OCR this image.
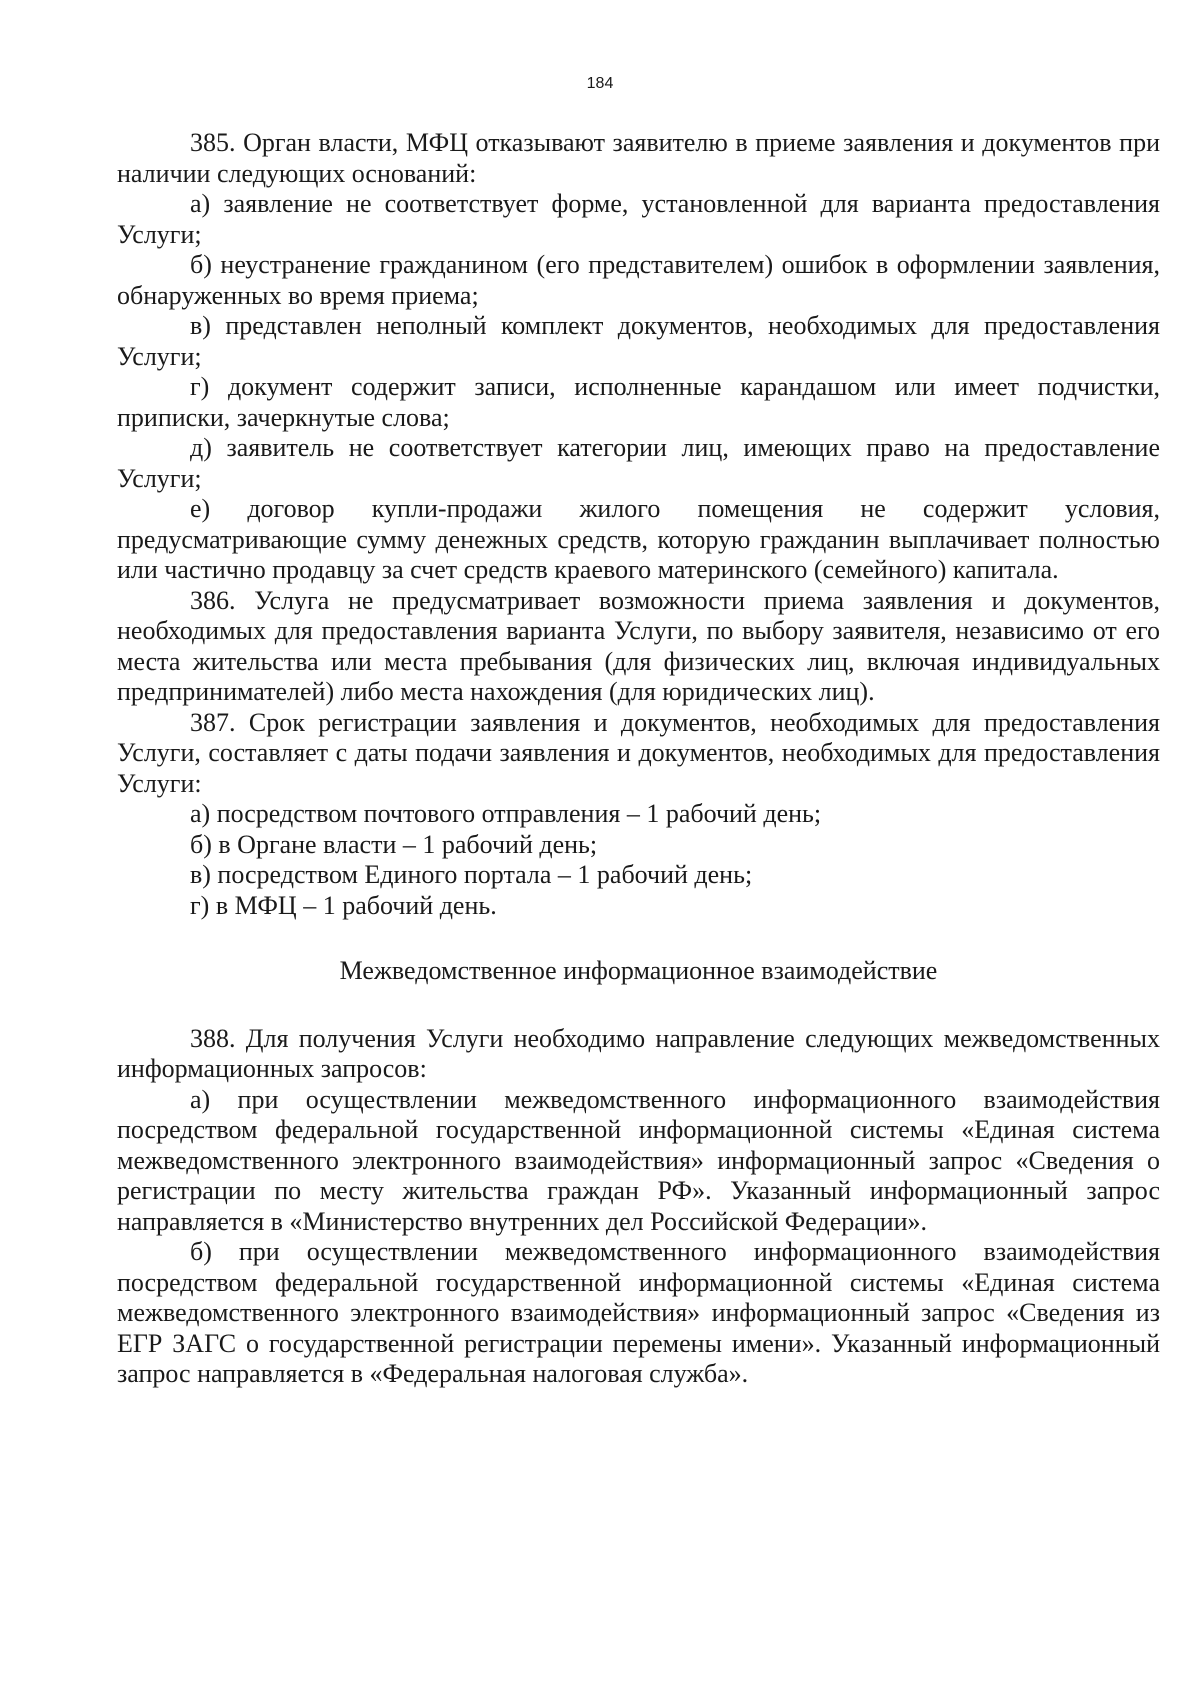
184

385. Орган власти, МФЦ отказывают заявителю в приеме заявления и документов при наличии следующих оснований:

а) заявление не соответствует форме, установленной для варианта предоставления Услуги;

б) неустранение гражданином (его представителем) ошибок в оформлении заявления, обнаруженных во время приема;

в) представлен неполный комплект документов, необходимых для предоставления Услуги;

г) документ содержит записи, исполненные карандашом или имеет подчистки, приписки, зачеркнутые слова;

д) заявитель не соответствует категории лиц, имеющих право на предоставление Услуги;

е) договор купли-продажи жилого помещения не содержит условия, предусматривающие сумму денежных средств, которую гражданин выплачивает полностью или частично продавцу за счет средств краевого материнского (семейного) капитала.

386. Услуга не предусматривает возможности приема заявления и документов, необходимых для предоставления варианта Услуги, по выбору заявителя, независимо от его места жительства или места пребывания (для физических лиц, включая индивидуальных предпринимателей) либо места нахождения (для юридических лиц).

387. Срок регистрации заявления и документов, необходимых для предоставления Услуги, составляет с даты подачи заявления и документов, необходимых для предоставления Услуги:

а) посредством почтового отправления – 1 рабочий день;

б) в Органе власти – 1 рабочий день;

в) посредством Единого портала – 1 рабочий день;

г) в МФЦ – 1 рабочий день.

Межведомственное информационное взаимодействие

388. Для получения Услуги необходимо направление следующих межведомственных информационных запросов:

а) при осуществлении межведомственного информационного взаимодействия посредством федеральной государственной информационной системы «Единая система межведомственного электронного взаимодействия» информационный запрос «Сведения о регистрации по месту жительства граждан РФ». Указанный информационный запрос направляется в «Министерство внутренних дел Российской Федерации».

б) при осуществлении межведомственного информационного взаимодействия посредством федеральной государственной информационной системы «Единая система межведомственного электронного взаимодействия» информационный запрос «Сведения из ЕГР ЗАГС о государственной регистрации перемены имени». Указанный информационный запрос направляется в «Федеральная налоговая служба».
